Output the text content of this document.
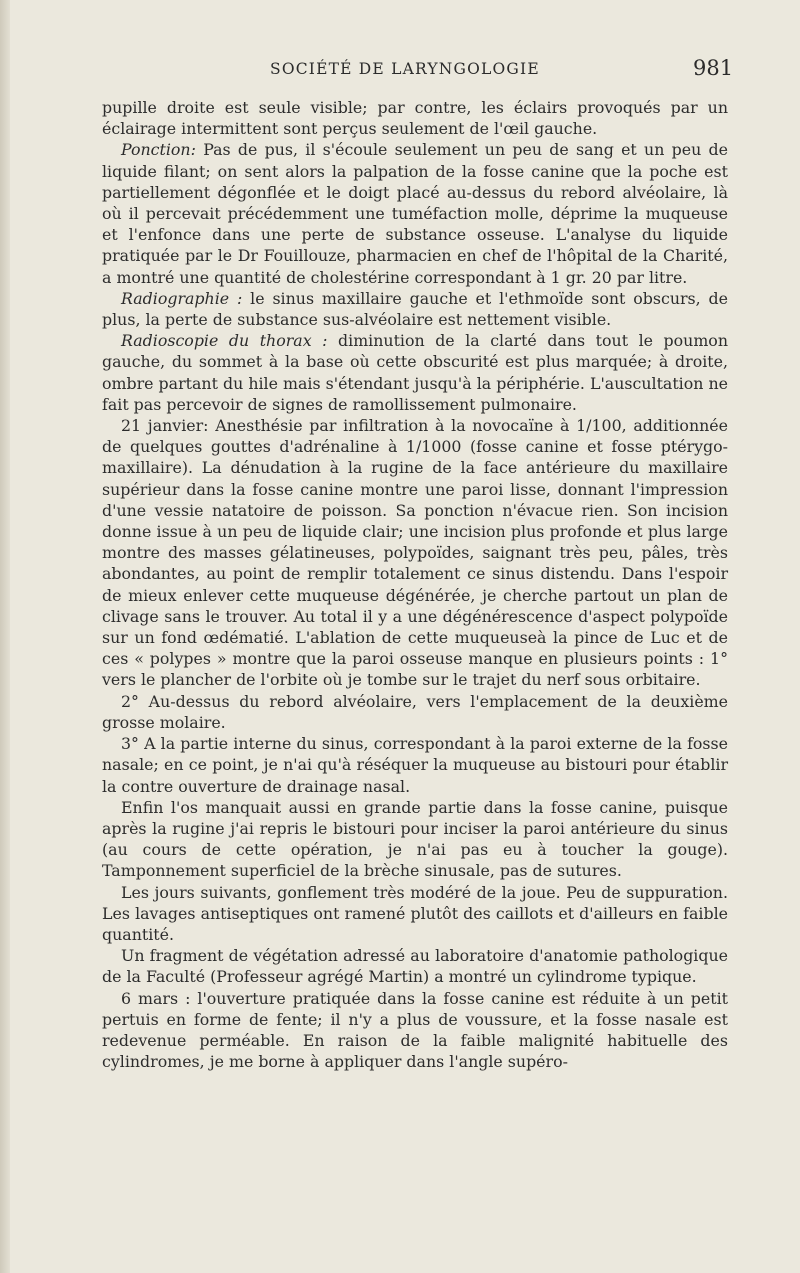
SOCIÉTÉ DE LARYNGOLOGIE	981

pupille droite est seule visible; par contre, les éclairs provoqués par un éclairage intermittent sont perçus seulement de l'œil gauche.

Ponction: Pas de pus, il s'écoule seulement un peu de sang et un peu de liquide filant; on sent alors la palpation de la fosse canine que la poche est partiellement dégonflée et le doigt placé au-dessus du rebord alvéolaire, là où il percevait précédemment une tuméfaction molle, déprime la muqueuse et l'enfonce dans une perte de substance osseuse. L'analyse du liquide pratiquée par le Dr Fouillouze, pharmacien en chef de l'hôpital de la Charité, a montré une quantité de cholestérine correspondant à 1 gr. 20 par litre.

Radiographie : le sinus maxillaire gauche et l'ethmoïde sont obscurs, de plus, la perte de substance sus-alvéolaire est nettement visible.

Radioscopie du thorax : diminution de la clarté dans tout le poumon gauche, du sommet à la base où cette obscurité est plus marquée; à droite, ombre partant du hile mais s'étendant jusqu'à la périphérie. L'auscultation ne fait pas percevoir de signes de ramollissement pulmonaire.

21 janvier: Anesthésie par infiltration à la novocaïne à 1/100, additionnée de quelques gouttes d'adrénaline à 1/1000 (fosse canine et fosse ptérygo-maxillaire). La dénudation à la rugine de la face antérieure du maxillaire supérieur dans la fosse canine montre une paroi lisse, donnant l'impression d'une vessie natatoire de poisson. Sa ponction n'évacue rien. Son incision donne issue à un peu de liquide clair; une incision plus profonde et plus large montre des masses gélatineuses, polypoïdes, saignant très peu, pâles, très abondantes, au point de remplir totalement ce sinus distendu. Dans l'espoir de mieux enlever cette muqueuse dégénérée, je cherche partout un plan de clivage sans le trouver. Au total il y a une dégénérescence d'aspect polypoïde sur un fond œdématié. L'ablation de cette muqueuseà la pince de Luc et de ces « polypes » montre que la paroi osseuse manque en plusieurs points : 1° vers le plancher de l'orbite où je tombe sur le trajet du nerf sous orbitaire.

2° Au-dessus du rebord alvéolaire, vers l'emplacement de la deuxième grosse molaire.

3° A la partie interne du sinus, correspondant à la paroi externe de la fosse nasale; en ce point, je n'ai qu'à réséquer la muqueuse au bistouri pour établir la contre ouverture de drainage nasal.

Enfin l'os manquait aussi en grande partie dans la fosse canine, puisque après la rugine j'ai repris le bistouri pour inciser la paroi antérieure du sinus (au cours de cette opération, je n'ai pas eu à toucher la gouge). Tamponnement superficiel de la brèche sinusale, pas de sutures.

Les jours suivants, gonflement très modéré de la joue. Peu de suppuration. Les lavages antiseptiques ont ramené plutôt des caillots et d'ailleurs en faible quantité.

Un fragment de végétation adressé au laboratoire d'anatomie pathologique de la Faculté (Professeur agrégé Martin) a montré un cylindrome typique.

6 mars : l'ouverture pratiquée dans la fosse canine est réduite à un petit pertuis en forme de fente; il n'y a plus de voussure, et la fosse nasale est redevenue perméable. En raison de la faible malignité habituelle des cylindromes, je me borne à appliquer dans l'angle supéro-
